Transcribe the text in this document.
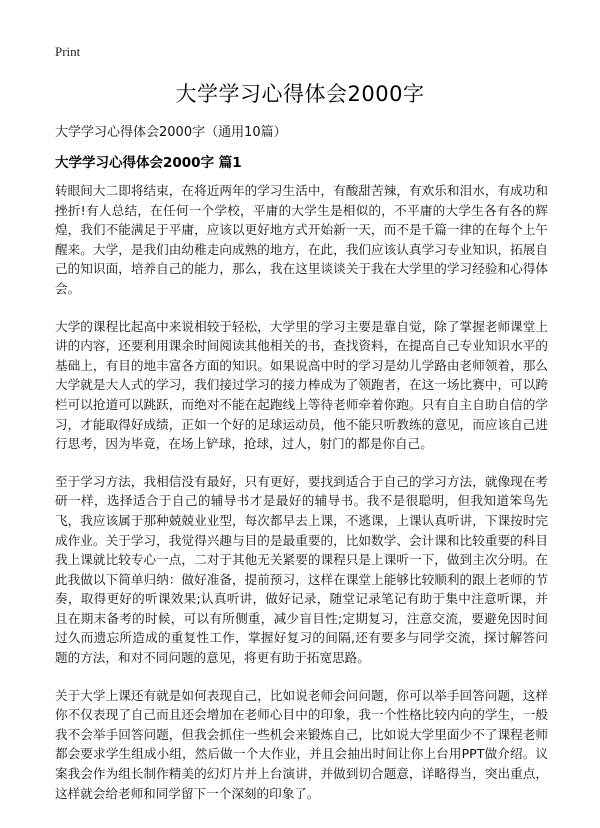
Print
大学学习心得体会2000字
大学学习心得体会2000字（通用10篇）
大学学习心得体会2000字 篇1

转眼间大二即将结束，在将近两年的学习生活中，有酸甜苦辣，有欢乐和泪水，有成功和挫折!有人总结，在任何一个学校，平庸的大学生是相似的，不平庸的大学生各有各的辉煌，我们不能满足于平庸，应该以更好地方式开始新一天，而不是千篇一律的在每个上午醒来。大学，是我们由幼稚走向成熟的地方，在此，我们应该认真学习专业知识，拓展自己的知识面，培养自己的能力，那么，我在这里谈谈关于我在大学里的学习经验和心得体会。

大学的课程比起高中来说相较于轻松，大学里的学习主要是靠自觉，除了掌握老师课堂上讲的内容，还要利用课余时间阅读其他相关的书，查找资料，在提高自己专业知识水平的基础上，有目的地丰富各方面的知识。如果说高中时的学习是幼儿学路由老师领着，那么大学就是大人式的学习，我们接过学习的接力棒成为了领跑者，在这一场比赛中，可以跨栏可以抢道可以跳跃，而绝对不能在起跑线上等待老师牵着你跑。只有自主自助自信的学习，才能取得好成绩，正如一个好的足球运动员，他不能只听教练的意见，而应该自己进行思考，因为毕竟，在场上铲球，抢球，过人，射门的都是你自己。

至于学习方法，我相信没有最好，只有更好，要找到适合于自己的学习方法，就像现在考研一样，选择适合于自己的辅导书才是最好的辅导书。我不是很聪明，但我知道笨鸟先飞，我应该属于那种兢兢业业型，每次都早去上课，不逃课，上课认真听讲，下课按时完成作业。关于学习，我觉得兴趣与目的是最重要的，比如数学、会计课和比较重要的科目我上课就比较专心一点，二对于其他无关紧要的课程只是上课听一下，做到主次分明。在此我做以下简单归纳：做好准备，提前预习，这样在课堂上能够比较顺利的跟上老师的节奏，取得更好的听课效果;认真听讲，做好记录，随堂记录笔记有助于集中注意听课，并且在期末备考的时候，可以有所侧重，减少盲目性;定期复习，注意交流，要避免因时间过久而遗忘所造成的重复性工作，掌握好复习的间隔,还有要多与同学交流，探讨解答问题的方法，和对不同问题的意见，将更有助于拓宽思路。

关于大学上课还有就是如何表现自己，比如说老师会问问题，你可以举手回答问题，这样你不仅表现了自己而且还会增加在老师心目中的印象，我一个性格比较内向的学生，一般我不会举手回答问题，但我会抓住一些机会来锻炼自己，比如说大学里面少不了课程老师都会要求学生组成小组，然后做一个大作业，并且会抽出时间让你上台用PPT做介绍。议案我会作为组长制作精美的幻灯片并上台演讲，并做到切合题意，详略得当，突出重点，这样就会给老师和同学留下一个深刻的印象了。
